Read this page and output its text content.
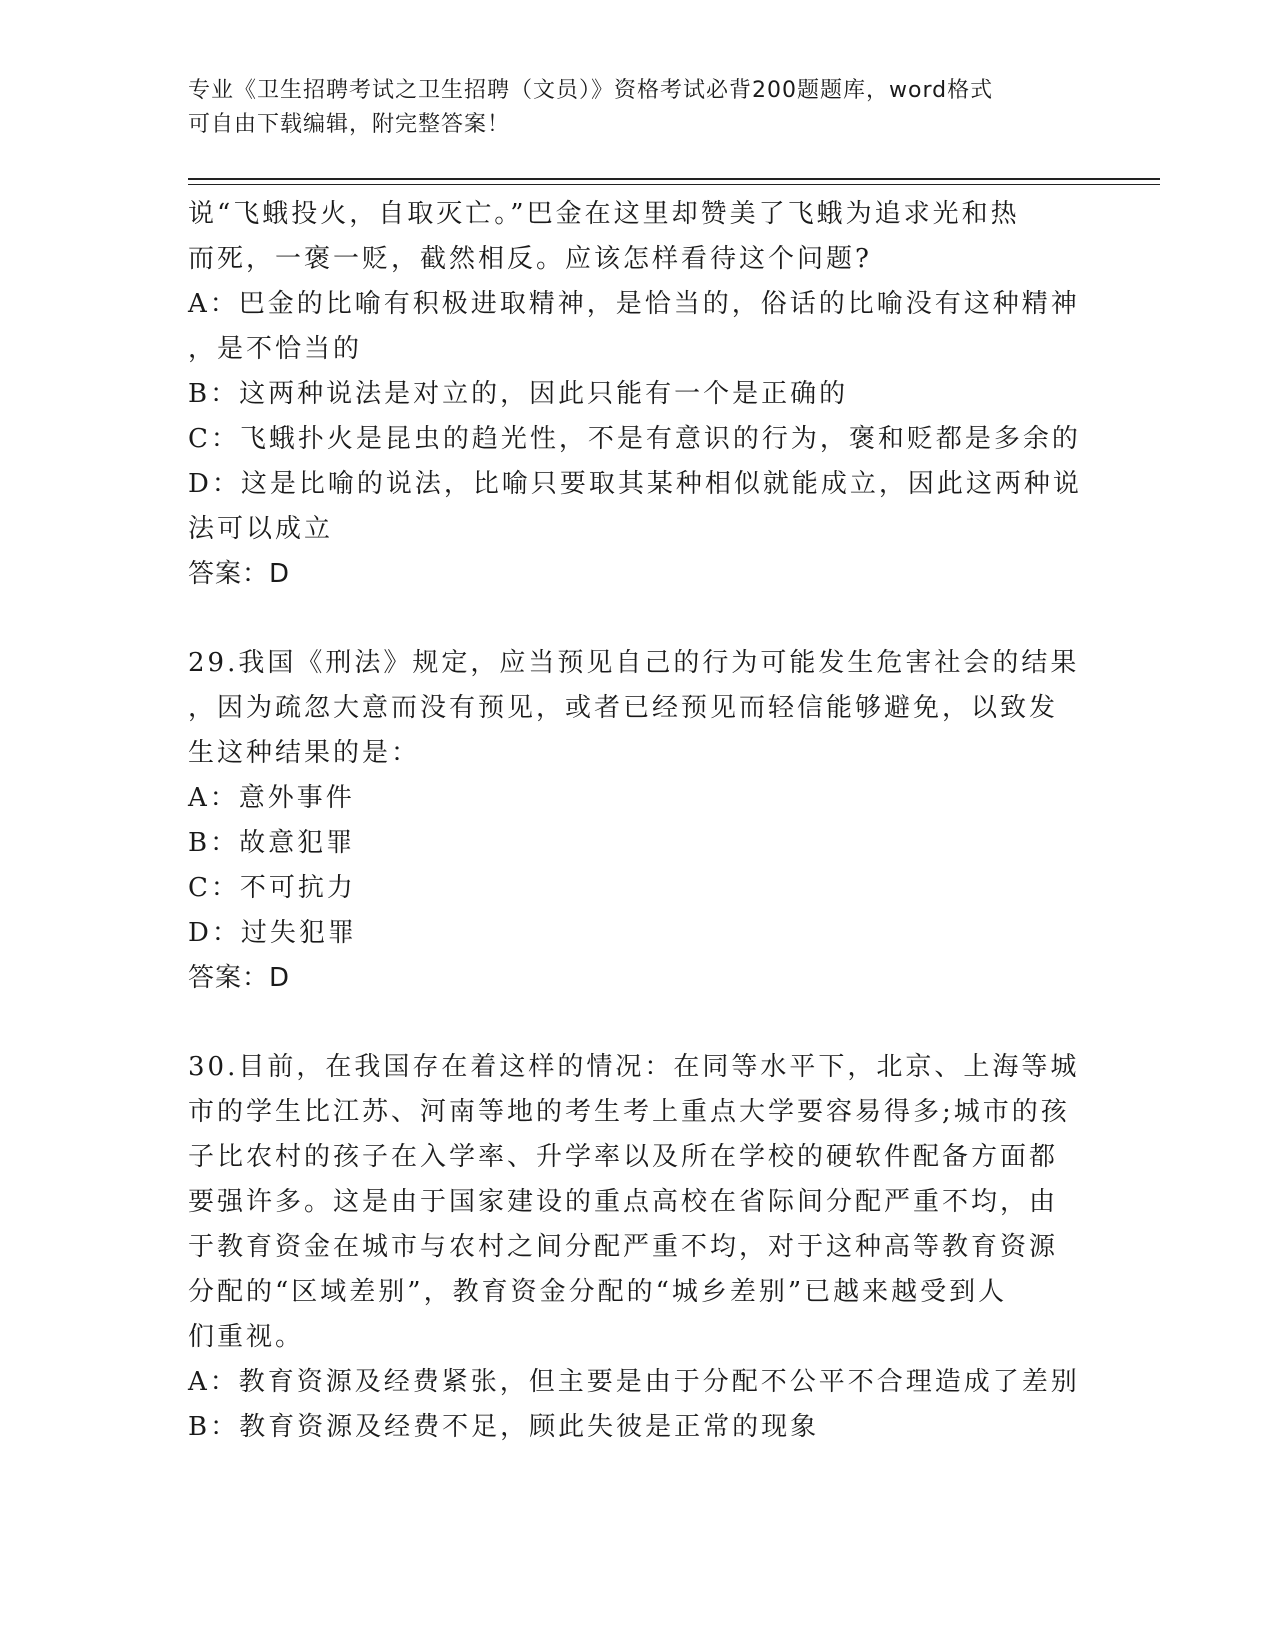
专业《卫生招聘考试之卫生招聘（文员）》资格考试必背200题题库，word格式
可自由下载编辑，附完整答案！

说“飞蛾投火，自取灭亡。”巴金在这里却赞美了飞蛾为追求光和热

而死，一褒一贬，截然相反。应该怎样看待这个问题?

A：巴金的比喻有积极进取精神，是恰当的，俗话的比喻没有这种精神

，是不恰当的

B：这两种说法是对立的，因此只能有一个是正确的

C：飞蛾扑火是昆虫的趋光性，不是有意识的行为，褒和贬都是多余的

D：这是比喻的说法，比喻只要取其某种相似就能成立，因此这两种说

法可以成立

答案：D

29.我国《刑法》规定，应当预见自己的行为可能发生危害社会的结果

，因为疏忽大意而没有预见，或者已经预见而轻信能够避免，以致发

生这种结果的是：

A：意外事件

B：故意犯罪

C：不可抗力

D：过失犯罪

答案：D

30.目前，在我国存在着这样的情况：在同等水平下，北京、上海等城

市的学生比江苏、河南等地的考生考上重点大学要容易得多;城市的孩

子比农村的孩子在入学率、升学率以及所在学校的硬软件配备方面都

要强许多。这是由于国家建设的重点高校在省际间分配严重不均，由

于教育资金在城市与农村之间分配严重不均，对于这种高等教育资源

分配的“区域差别”，教育资金分配的“城乡差别”已越来越受到人

们重视。

A：教育资源及经费紧张，但主要是由于分配不公平不合理造成了差别

B：教育资源及经费不足，顾此失彼是正常的现象
